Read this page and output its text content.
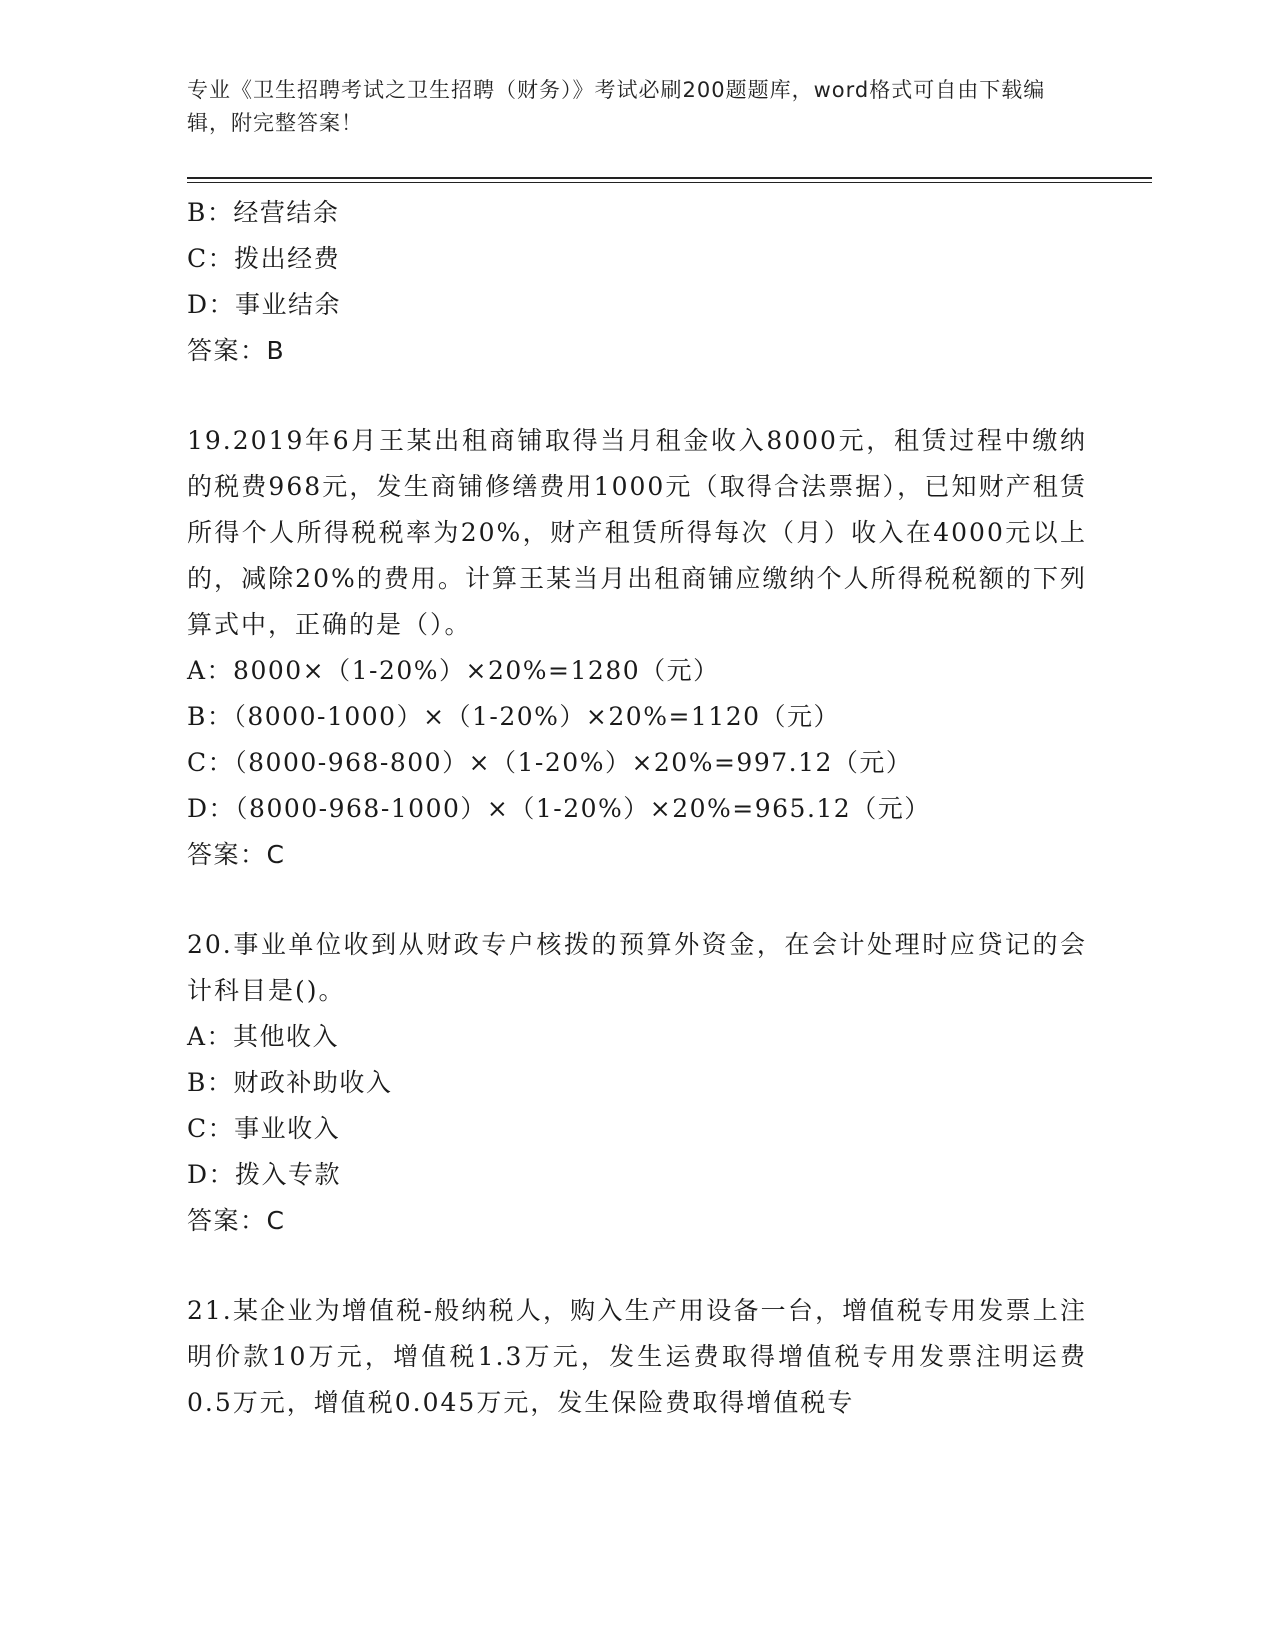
专业《卫生招聘考试之卫生招聘（财务）》考试必刷200题题库，word格式可自由下载编辑，附完整答案！
B：经营结余
C：拨出经费
D：事业结余
答案：B
19.2019年6月王某出租商铺取得当月租金收入8000元，租赁过程中缴纳的税费968元，发生商铺修缮费用1000元（取得合法票据），已知财产租赁所得个人所得税税率为20%，财产租赁所得每次（月）收入在4000元以上的，减除20%的费用。计算王某当月出租商铺应缴纳个人所得税税额的下列算式中，正确的是（）。
A：8000×（1-20%）×20%=1280（元）
B：（8000-1000）×（1-20%）×20%=1120（元）
C：（8000-968-800）×（1-20%）×20%=997.12（元）
D：（8000-968-1000）×（1-20%）×20%=965.12（元）
答案：C
20.事业单位收到从财政专户核拨的预算外资金，在会计处理时应贷记的会计科目是()。
A：其他收入
B：财政补助收入
C：事业收入
D：拨入专款
答案：C
21.某企业为增值税-般纳税人，购入生产用设备一台，增值税专用发票上注明价款10万元，增值税1.3万元，发生运费取得增值税专用发票注明运费0.5万元，增值税0.045万元，发生保险费取得增值税专
